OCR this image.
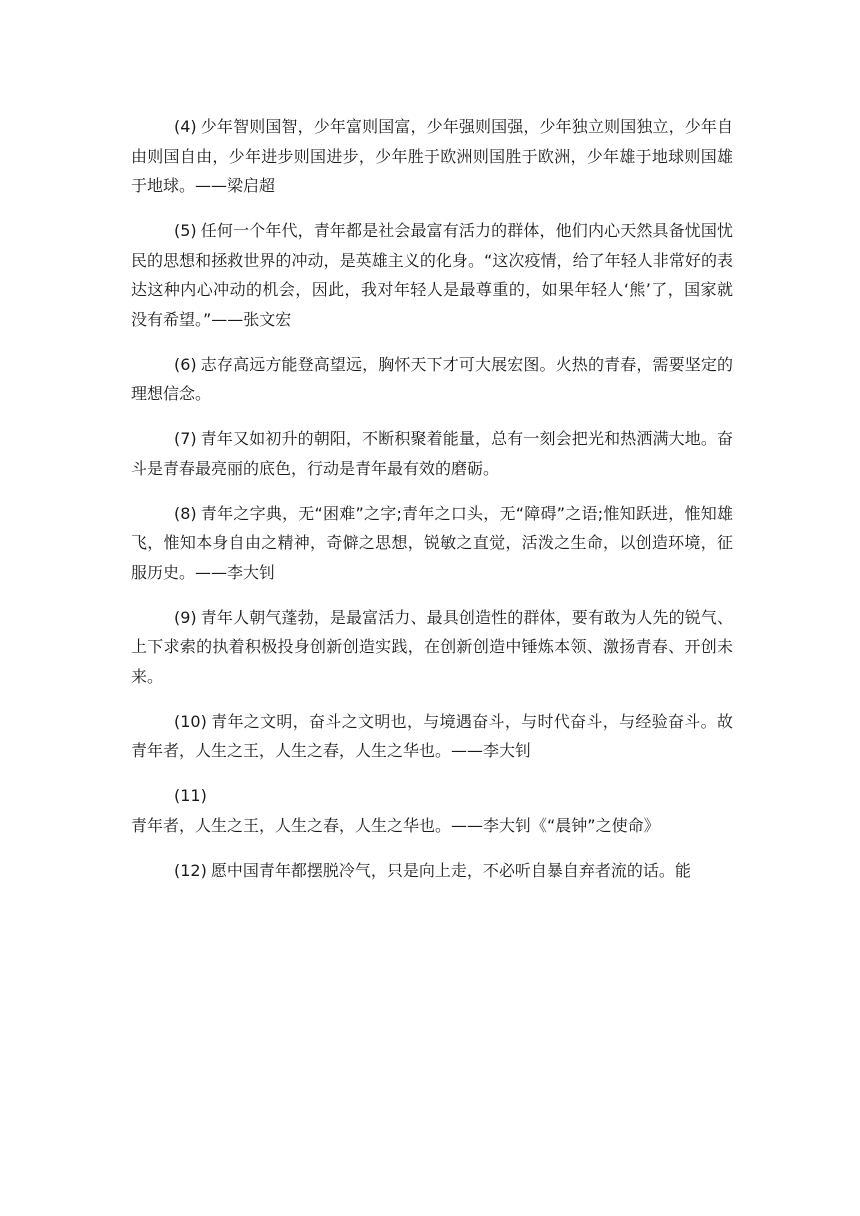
(4) 少年智则国智，少年富则国富，少年强则国强，少年独立则国独立，少年自由则国自由，少年进步则国进步，少年胜于欧洲则国胜于欧洲，少年雄于地球则国雄于地球。——梁启超

(5) 任何一个年代，青年都是社会最富有活力的群体，他们内心天然具备忧国忧民的思想和拯救世界的冲动，是英雄主义的化身。“这次疫情，给了年轻人非常好的表达这种内心冲动的机会，因此，我对年轻人是最尊重的，如果年轻人‘熊’了，国家就没有希望。”——张文宏

(6) 志存高远方能登高望远，胸怀天下才可大展宏图。火热的青春，需要坚定的理想信念。

(7) 青年又如初升的朝阳，不断积聚着能量，总有一刻会把光和热洒满大地。奋斗是青春最亮丽的底色，行动是青年最有效的磨砺。

(8) 青年之字典，无“困难”之字;青年之口头，无“障碍”之语;惟知跃进，惟知雄飞，惟知本身自由之精神，奇僻之思想，锐敏之直觉，活泼之生命，以创造环境，征服历史。——李大钊

(9) 青年人朝气蓬勃，是最富活力、最具创造性的群体，要有敢为人先的锐气、上下求索的执着积极投身创新创造实践，在创新创造中锤炼本领、激扬青春、开创未来。

(10) 青年之文明，奋斗之文明也，与境遇奋斗，与时代奋斗，与经验奋斗。故青年者，人生之王，人生之春，人生之华也。——李大钊

(11)青年者，人生之王，人生之春，人生之华也。——李大钊《“晨钟”之使命》

(12) 愿中国青年都摆脱冷气，只是向上走，不必听自暴自弃者流的话。能
